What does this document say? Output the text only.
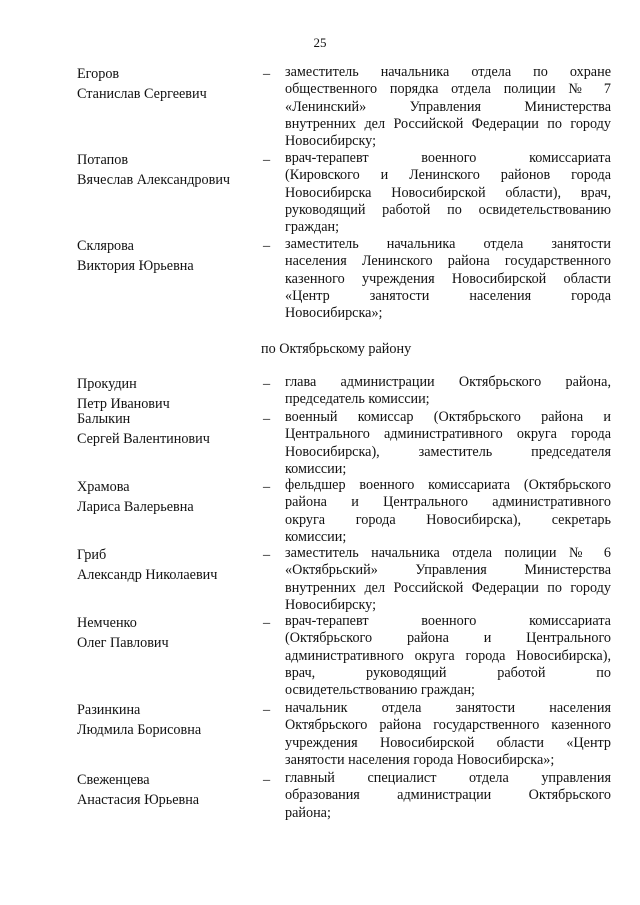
25
Егоров
Станислав Сергеевич
– заместитель начальника отдела по охране
общественного порядка отдела полиции № 7
«Ленинский» Управления Министерства
внутренних дел Российской Федерации по городу
Новосибирску;
Потапов
Вячеслав Александрович
– врач-терапевт военного комиссариата
(Кировского и Ленинского районов города
Новосибирска Новосибирской области), врач,
руководящий работой по освидетельствованию
граждан;
Склярова
Виктория Юрьевна
– заместитель начальника отдела занятости
населения Ленинского района государственного
казенного учреждения Новосибирской области
«Центр занятости населения города
Новосибирска»;
по Октябрьскому району
Прокудин
Петр Иванович
– глава администрации Октябрьского района,
председатель комиссии;
Балыкин
Сергей Валентинович
– военный комиссар (Октябрьского района и
Центрального административного округа города
Новосибирска), заместитель председателя
комиссии;
Храмова
Лариса Валерьевна
– фельдшер военного комиссариата (Октябрьского
района и Центрального административного
округа города Новосибирска), секретарь
комиссии;
Гриб
Александр Николаевич
– заместитель начальника отдела полиции № 6
«Октябрьский» Управления Министерства
внутренних дел Российской Федерации по городу
Новосибирску;
Немченко
Олег Павлович
– врач-терапевт военного комиссариата
(Октябрьского района и Центрального
административного округа города Новосибирска),
врач, руководящий работой по
освидетельствованию граждан;
Разинкина
Людмила Борисовна
– начальник отдела занятости населения
Октябрьского района государственного казенного
учреждения Новосибирской области «Центр
занятости населения города Новосибирска»;
Свеженцева
Анастасия Юрьевна
– главный специалист отдела управления
образования администрации Октябрьского
района;
